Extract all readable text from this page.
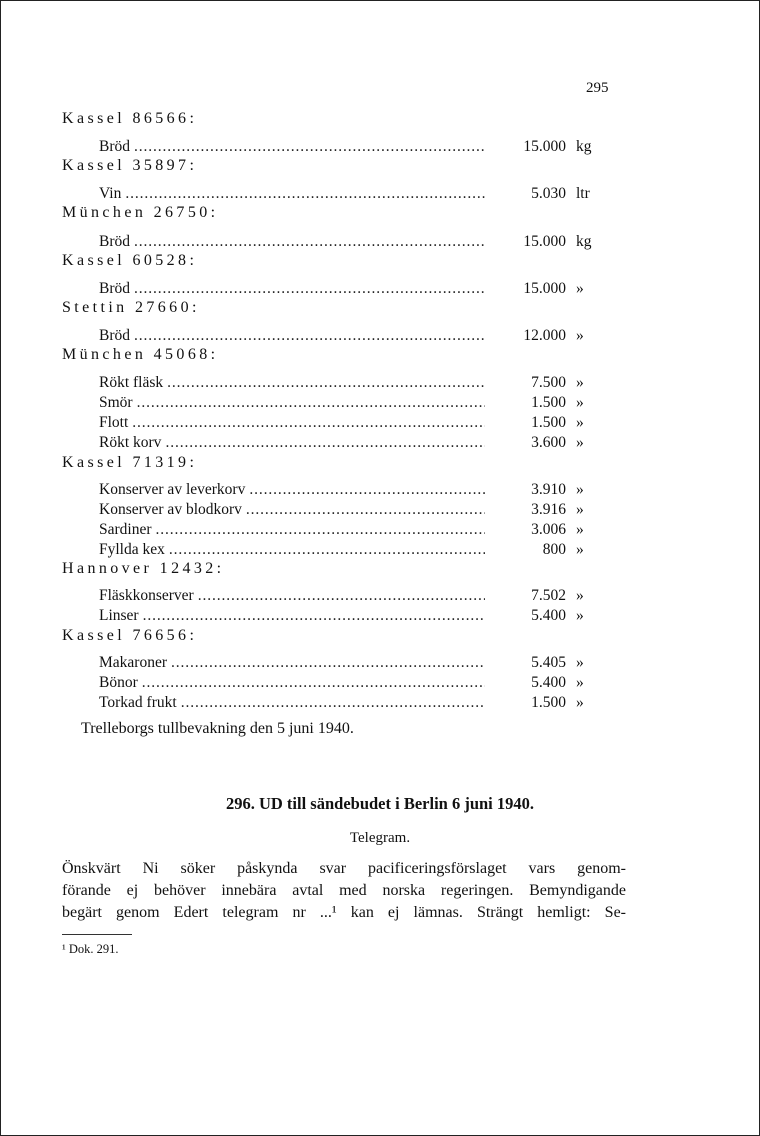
295
Kassel 86566:
Bröd . . .	15.000 kg
Kassel 35897:
Vin . . .	5.030 ltr
München 26750:
Bröd . . .	15.000 kg
Kassel 60528:
Bröd . . .	15.000 »
Stettin 27660:
Bröd . . .	12.000 »
München 45068:
Rökt fläsk . . .	7.500 »
Smör . . .	1.500 »
Flott . . .	1.500 »
Rökt korv . . .	3.600 »
Kassel 71319:
Konserver av leverkorv . . .	3.910 »
Konserver av blodkorv . . .	3.916 »
Sardiner . . .	3.006 »
Fyllda kex . . .	800 »
Hannover 12432:
Fläskkonserver . . .	7.502 »
Linser . . .	5.400 »
Kassel 76656:
Makaroner . . .	5.405 »
Bönor . . .	5.400 »
Torkad frukt . . .	1.500 »
Trelleborgs tullbevakning den 5 juni 1940.
296. UD till sändebudet i Berlin 6 juni 1940.
Telegram.
Önskvärt Ni söker påskynda svar pacificeringsförslaget vars genom-
förande ej behöver innebära avtal med norska regeringen. Bemyndigande
begärt genom Edert telegram nr ...¹ kan ej lämnas. Strängt hemligt: Se-
¹ Dok. 291.
